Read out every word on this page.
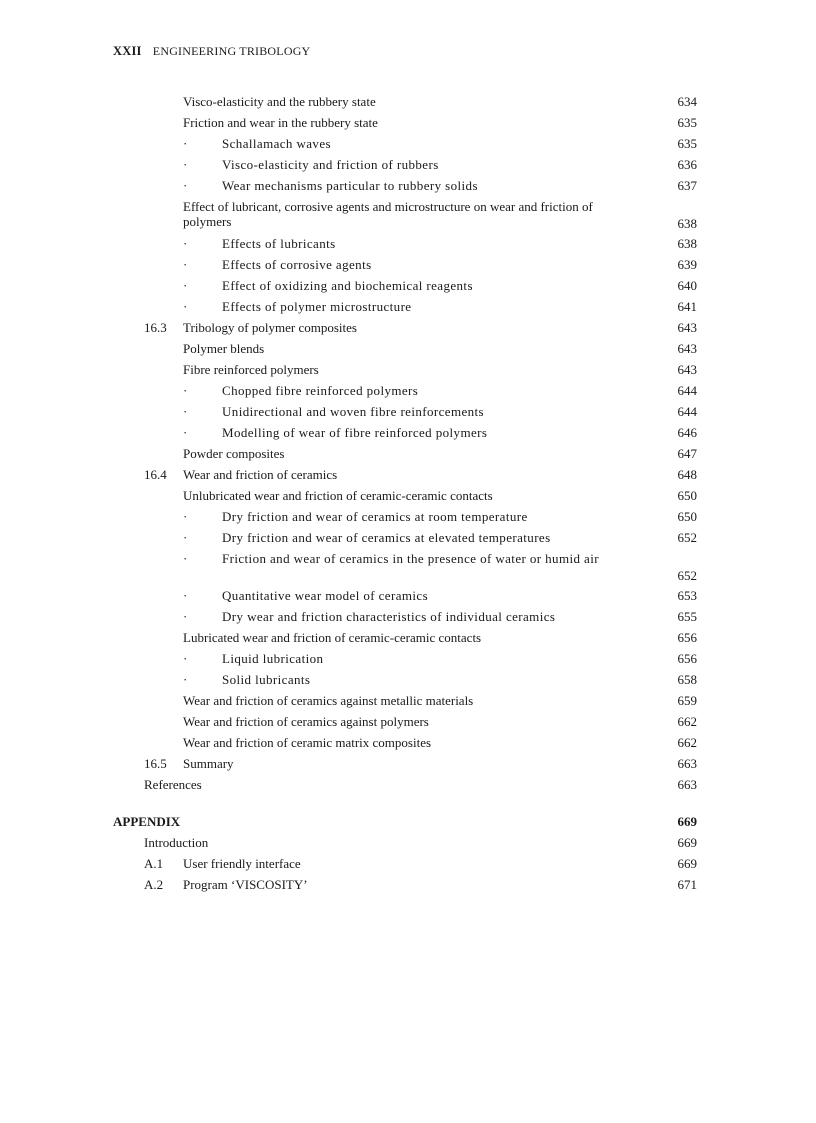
XXII ENGINEERING TRIBOLOGY
Visco-elasticity and the rubbery state	634
Friction and wear in the rubbery state	635
·	Schallamach waves	635
·	Visco-elasticity and friction of rubbers	636
·	Wear mechanisms particular to rubbery solids	637
Effect of lubricant, corrosive agents and microstructure on wear and friction of polymers	638
·	Effects of lubricants	638
·	Effects of corrosive agents	639
·	Effect of oxidizing and biochemical reagents	640
·	Effects of polymer microstructure	641
16.3 Tribology of polymer composites	643
Polymer blends	643
Fibre reinforced polymers	643
·	Chopped fibre reinforced polymers	644
·	Unidirectional and woven fibre reinforcements	644
·	Modelling of wear of fibre reinforced polymers	646
Powder composites	647
16.4 Wear and friction of ceramics	648
Unlubricated wear and friction of ceramic-ceramic contacts	650
·	Dry friction and wear of ceramics at room temperature	650
·	Dry friction and wear of ceramics at elevated temperatures	652
·	Friction and wear of ceramics in the presence of water or humid air
652
·	Quantitative wear model of ceramics	653
·	Dry wear and friction characteristics of individual ceramics	655
Lubricated wear and friction of ceramic-ceramic contacts	656
·	Liquid lubrication	656
·	Solid lubricants	658
Wear and friction of ceramics against metallic materials	659
Wear and friction of ceramics against polymers	662
Wear and friction of ceramic matrix composites	662
16.5 Summary	663
References	663
APPENDIX	669
Introduction	669
A.1 User friendly interface	669
A.2 Program ‘VISCOSITY’	671
